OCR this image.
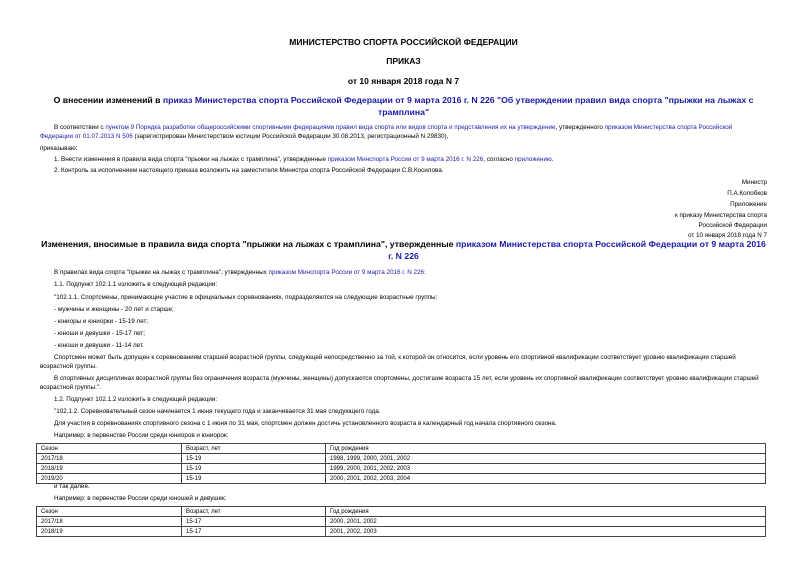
МИНИСТЕРСТВО СПОРТА РОССИЙСКОЙ ФЕДЕРАЦИИ
ПРИКАЗ
от 10 января 2018 года N 7
О внесении изменений в приказ Министерства спорта Российской Федерации от 9 марта 2016 г. N 226 "Об утверждении правил вида спорта "прыжки на лыжах с трамплина"
В соответствии с пунктом 9 Порядка разработки общероссийскими спортивными федерациями правил вида спорта или видов спорта и представления их на утверждение, утвержденного приказом Министерства спорта Российской Федерации от 01.07.2013 N 506 (зарегистрирован Министерством юстиции Российской Федерации 30.08.2013, регистрационный N 29830),
приказываю:
1. Внести изменения в правила вида спорта "прыжки на лыжах с трамплина", утвержденные приказом Минспорта России от 9 марта 2016 г. N 226, согласно приложению.
2. Контроль за исполнением настоящего приказа возложить на заместителя Министра спорта Российской Федерации С.В.Косилова.
Министр
П.А.Колобков
Приложение
к приказу Министерства спорта
Российской Федерации
от 10 января 2018 года N 7
Изменения, вносимые в правила вида спорта "прыжки на лыжах с трамплина", утвержденные приказом Министерства спорта Российской Федерации от 9 марта 2016 г. N 226
В правилах вида спорта "прыжки на лыжах с трамплина", утвержденных приказом Минспорта России от 9 марта 2016 г. N 226:
1.1. Подпункт 102.1.1 изложить в следующей редакции:
"102.1.1. Спортсмены, принимающие участие в официальных соревнованиях, подразделяются на следующие возрастные группы:
- мужчины и женщины - 20 лет и старше;
- юниоры и юниорки - 15-19 лет;
- юноши и девушки - 15-17 лет;
- юноши и девушки - 11-14 лет.
Спортсмен может быть допущен к соревнованиям старшей возрастной группы, следующей непосредственно за той, к которой он относится, если уровень его спортивной квалификации соответствует уровню квалификации старшей возрастной группы.
В спортивных дисциплинах возрастной группы без ограничения возраста (мужчины, женщины) допускаются спортсмены, достигшие возраста 15 лет, если уровень их спортивной квалификации соответствует уровню квалификации старшей возрастной группы.".
1.2. Подпункт 102.1.2 изложить в следующей редакции:
"102.1.2. Соревновательный сезон начинается 1 июня текущего года и заканчивается 31 мая следующего года.
Для участия в соревнованиях спортивного сезона с 1 июня по 31 мая, спортсмен должен достичь установленного возраста в календарный год начала спортивного сезона.
Например: в первенстве России среди юниоров и юниорок:
Сезон	Возраст, лет	Год рождения
2017/18	15-19	1998, 1999, 2000, 2001, 2002
2018/19	15-19	1999, 2000, 2001, 2002, 2003
2019/20	15-19	2000, 2001, 2002, 2003, 2004
и так далее.
Например: в первенстве России среди юношей и девушек:
Сезон	Возраст, лет	Год рождения
2017/18	15-17	2000, 2001, 2002
2018/19	15-17	2001, 2002, 2003
